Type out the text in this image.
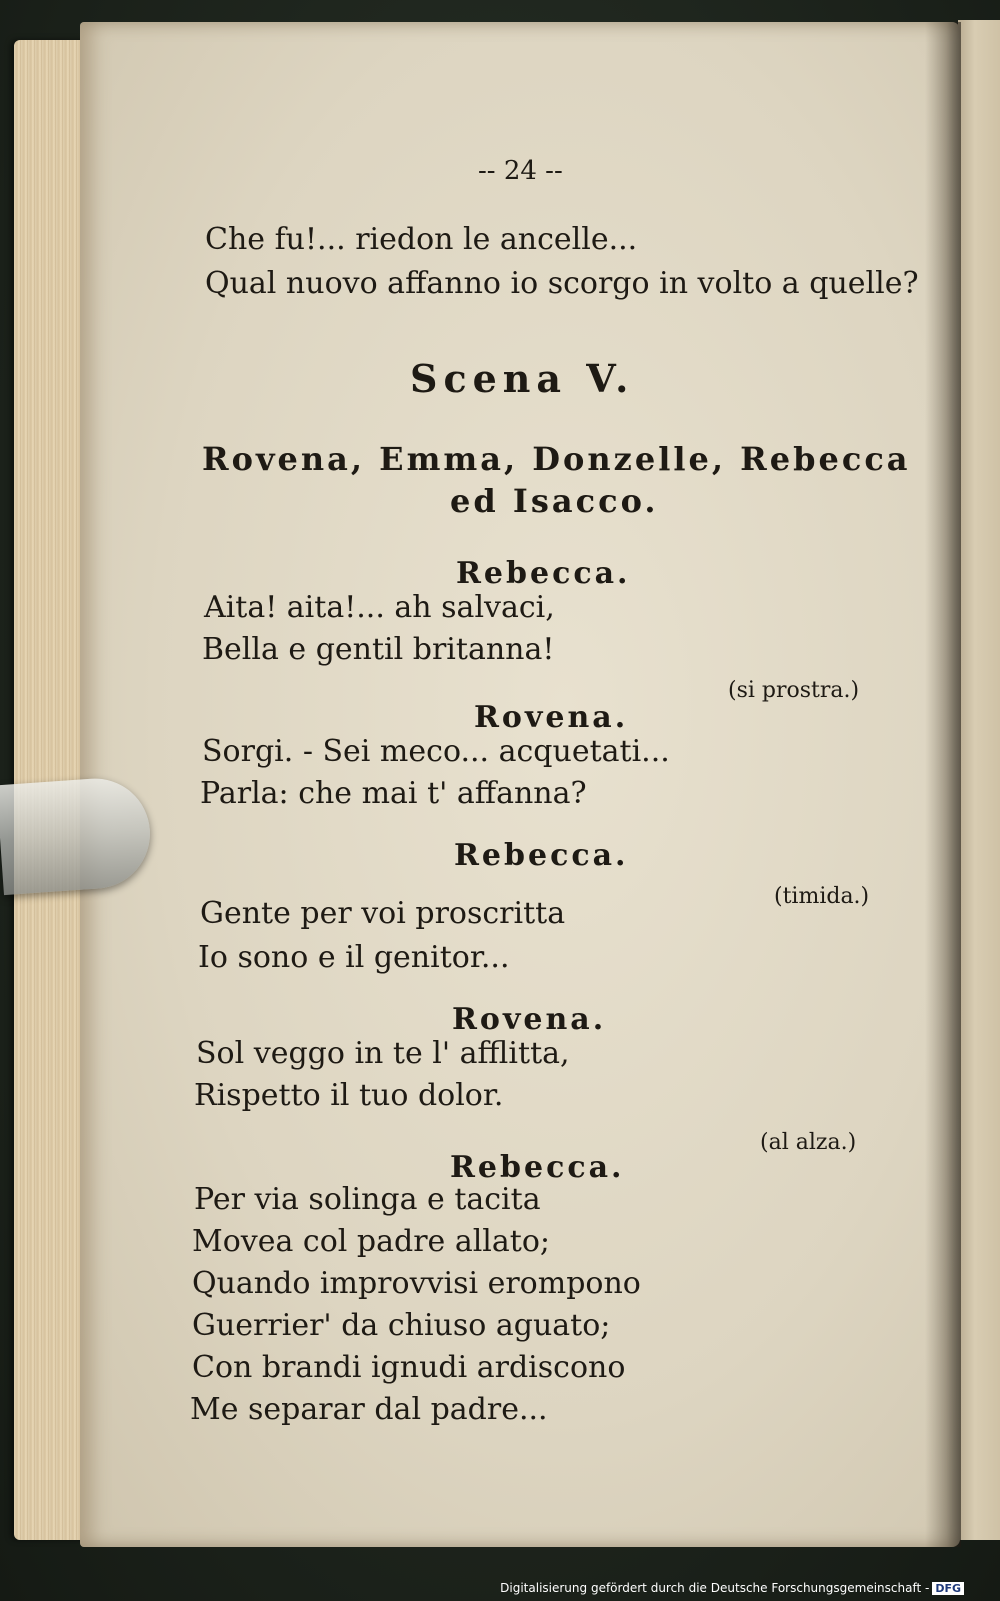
-- 24 --
Che fu!... riedon le ancelle...
Qual nuovo affanno io scorgo in volto a quelle?
Scena V.
Rovena, Emma, Donzelle, Rebecca
ed Isacco.
Rebecca.
Aita! aita!... ah salvaci,
Bella e gentil britanna!
(si prostra.)
Rovena.
Sorgi. - Sei meco... acquetati...
Parla: che mai t' affanna?
Rebecca.
(timida.)
Gente per voi proscritta
Io sono e il genitor...
Rovena.
Sol veggo in te l' afflitta,
Rispetto il tuo dolor.
(al alza.)
Rebecca.
Per via solinga e tacita
Movea col padre allato;
Quando improvvisi erompono
Guerrier' da chiuso aguato;
Con brandi ignudi ardiscono
Me separar dal padre...
Digitalisierung gefördert durch die Deutsche Forschungsgemeinschaft - DFG
